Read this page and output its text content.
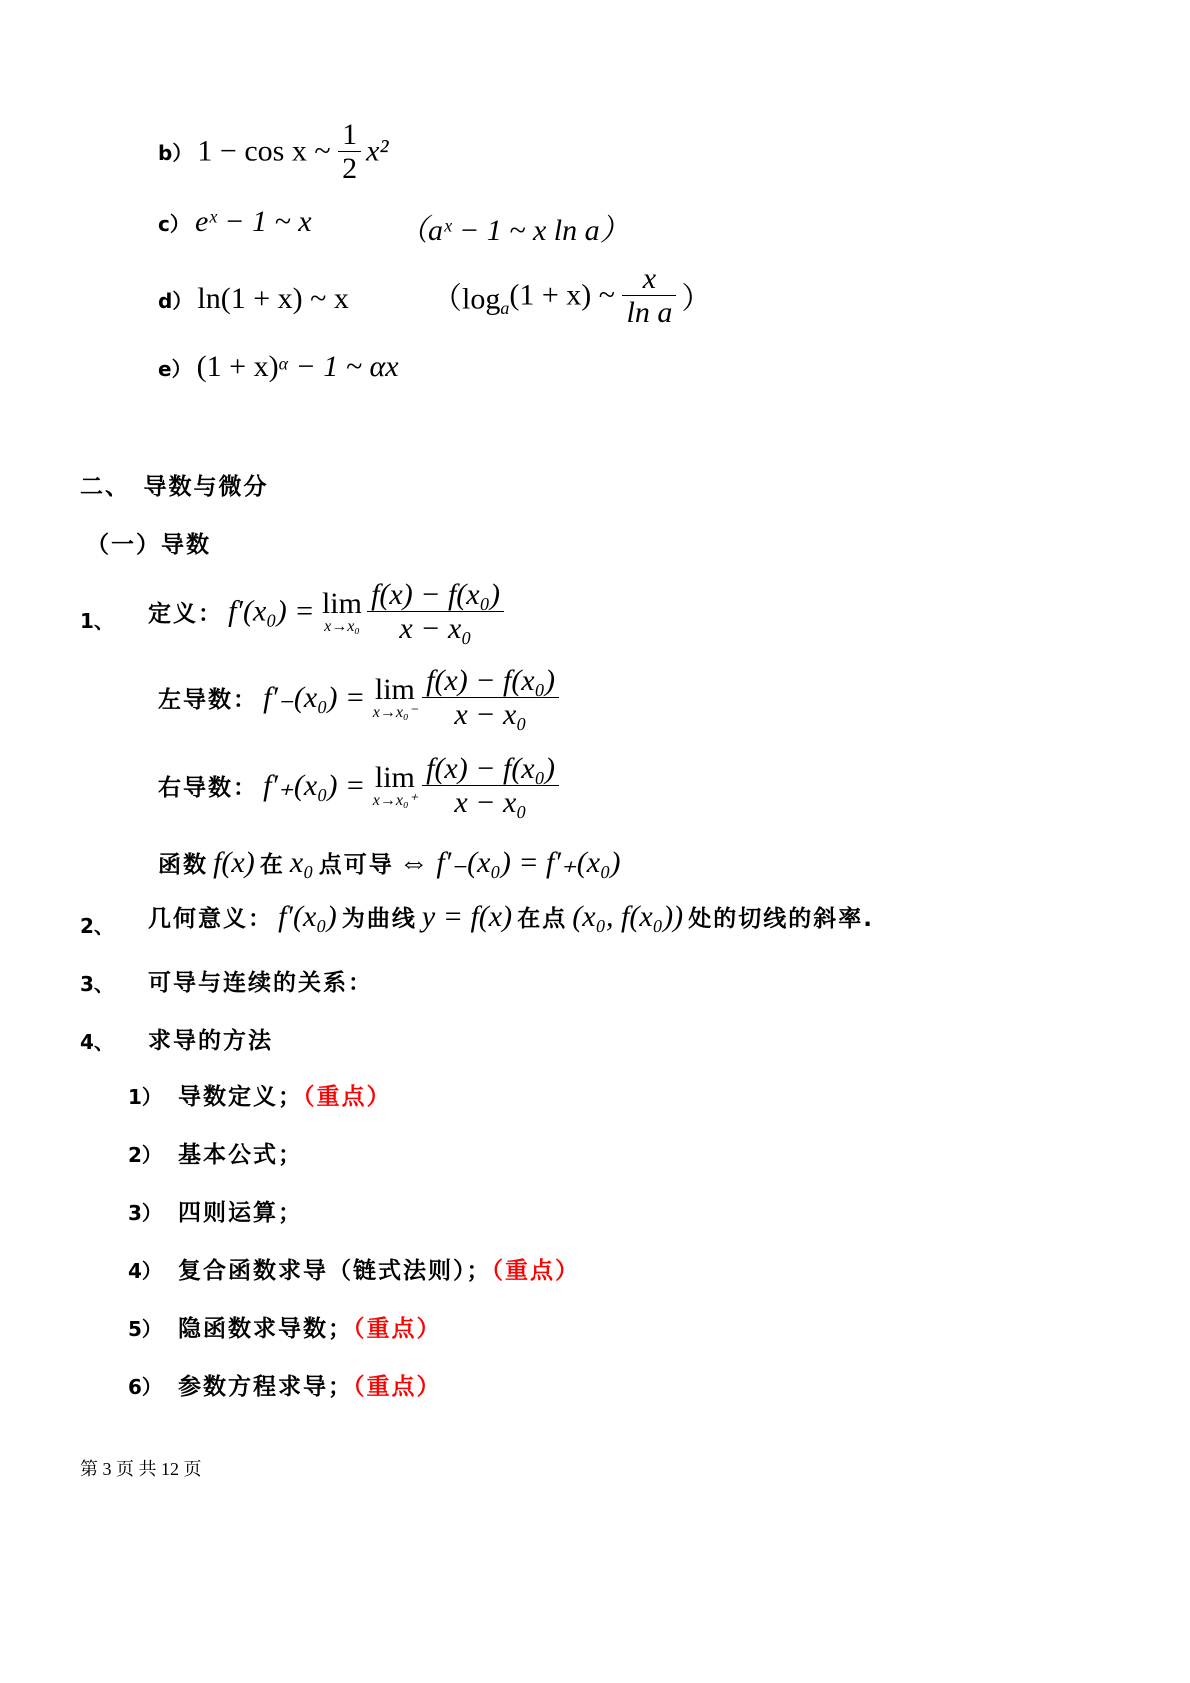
b） 1 − cos x ~ $\frac{1}{2} x^2$
c） eˣ − 1 ~ x	（aˣ − 1 ~ x ln a）
d） ln(1 + x) ~ x	（$\log_a(1 + x)$ ~ $\frac{x}{\text{ln a}}$ ）
e） $(1 + x)^\alpha - 1$ ~ αx
二、　导数与微分
（一）导数
1、 定义： f′(x₀) = lim
x→x₀
$\frac{\text{f(x) − f(x₀)}}{\text{x − x₀}}$
左导数： f′₋(x₀) = lim
x→x₀⁻
$\frac{\text{f(x) − f(x₀)}}{\text{x − x₀}}$
右导数： f′₊(x₀) = lim
x→x₀⁺
$\frac{\text{f(x) − f(x₀)}}{\text{x − x₀}}$
函数 f(x) 在 x₀ 点可导 ⇔ f′₋(x₀) = f′₊(x₀)
2、 几何意义： f′(x₀) 为曲线 y = f(x) 在点 (x₀, f(x₀)) 处的切线的斜率.
3、 可导与连续的关系：
4、 求导的方法
1） 导数定义；（重点）
2） 基本公式；
3） 四则运算；
4） 复合函数求导（链式法则）；（重点）
5） 隐函数求导数；（重点）
6） 参数方程求导；（重点）
第 3 页 共 12 页
